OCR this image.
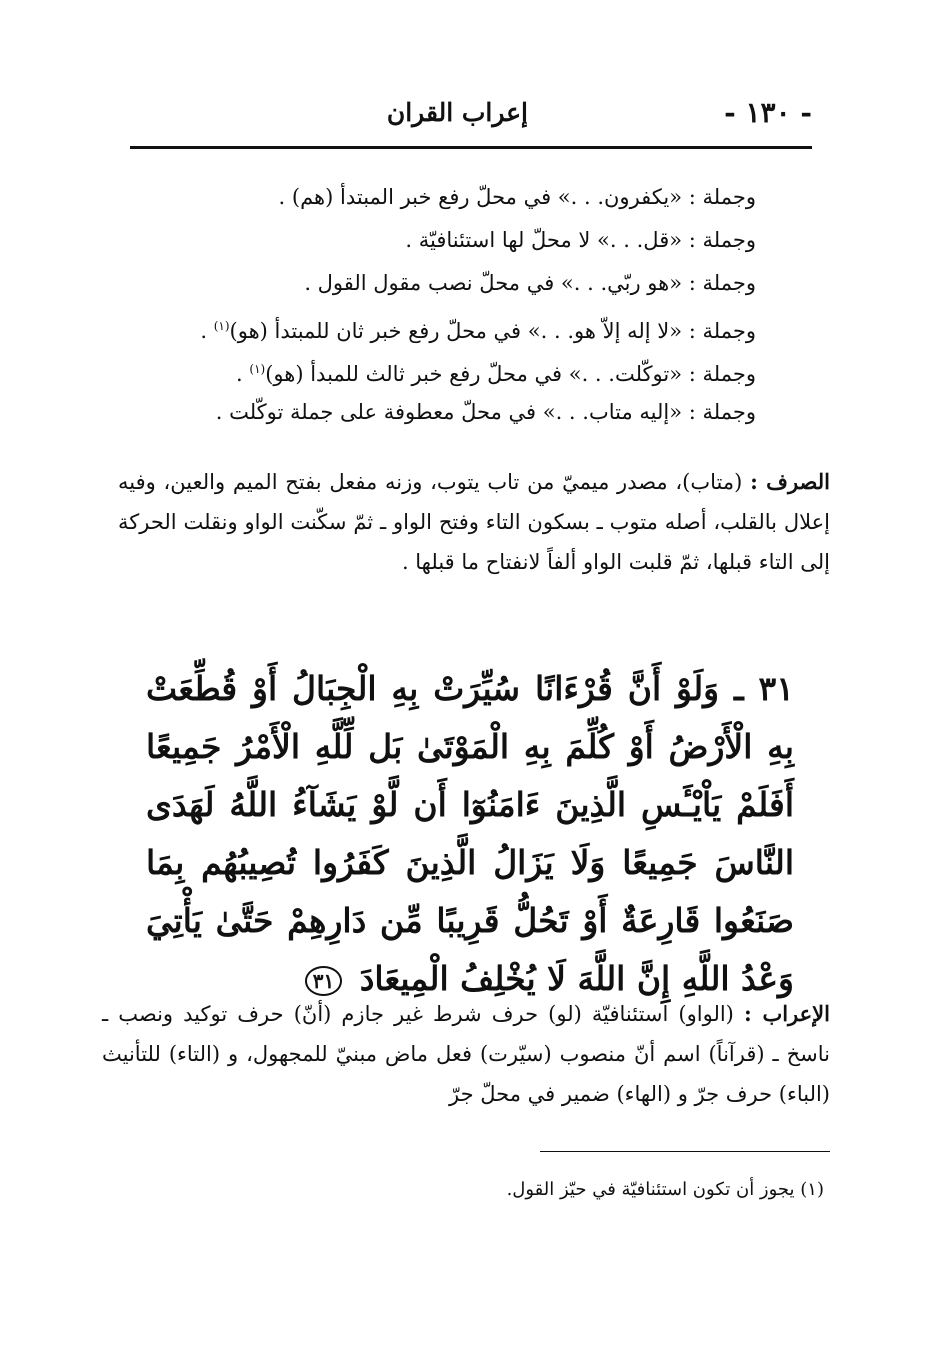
- ١٣٠ -
إعراب القران
وجملة : «يكفرون. . .» في محلّ رفع خبر المبتدأ (هم) .
وجملة : «قل. . .» لا محلّ لها استئنافيّة .
وجملة : «هو ربّي. . .» في محلّ نصب مقول القول .
وجملة : «لا إله إلاّ هو. . .» في محلّ رفع خبر ثان للمبتدأ (هو)$^{(١)}$ .
وجملة : «توكّلت. . .» في محلّ رفع خبر ثالث للمبدأ (هو)$^{(١)}$ .
وجملة : «إليه متاب. . .» في محلّ معطوفة على جملة توكّلت .
الصرف : (متاب)، مصدر ميميّ من تاب يتوب، وزنه مفعل بفتح الميم والعين، وفيه إعلال بالقلب، أصله متوب ـ بسكون التاء وفتح الواو ـ ثمّ سكّنت الواو ونقلت الحركة إلى التاء قبلها، ثمّ قلبت الواو ألفاً لانفتاح ما قبلها .
٣١ ـ وَلَوْ أَنَّ قُرْءَانًا سُيِّرَتْ بِهِ الْجِبَالُ أَوْ قُطِّعَتْ بِهِ الْأَرْضُ أَوْ كُلِّمَ بِهِ الْمَوْتَىٰ بَل لِّلَّهِ الْأَمْرُ جَمِيعًا أَفَلَمْ يَاْيْـَٔسِ الَّذِينَ ءَامَنُوٓا أَن لَّوْ يَشَآءُ اللَّهُ لَهَدَى النَّاسَ جَمِيعًا وَلَا يَزَالُ الَّذِينَ كَفَرُوا تُصِيبُهُم بِمَا صَنَعُوا قَارِعَةٌ أَوْ تَحُلُّ قَرِيبًا مِّن دَارِهِمْ حَتَّىٰ يَأْتِيَ وَعْدُ اللَّهِ إِنَّ اللَّهَ لَا يُخْلِفُ الْمِيعَادَ ٣١
الإعراب : (الواو) استئنافيّة (لو) حرف شرط غير جازم (أنّ) حرف توكيد ونصب ـ ناسخ ـ (قرآناً) اسم أنّ منصوب (سيّرت) فعل ماض مبنيّ للمجهول، و (التاء) للتأنيث (الباء) حرف جرّ و (الهاء) ضمير في محلّ جرّ
(١) يجوز أن تكون استئنافيّة في حيّز القول.
